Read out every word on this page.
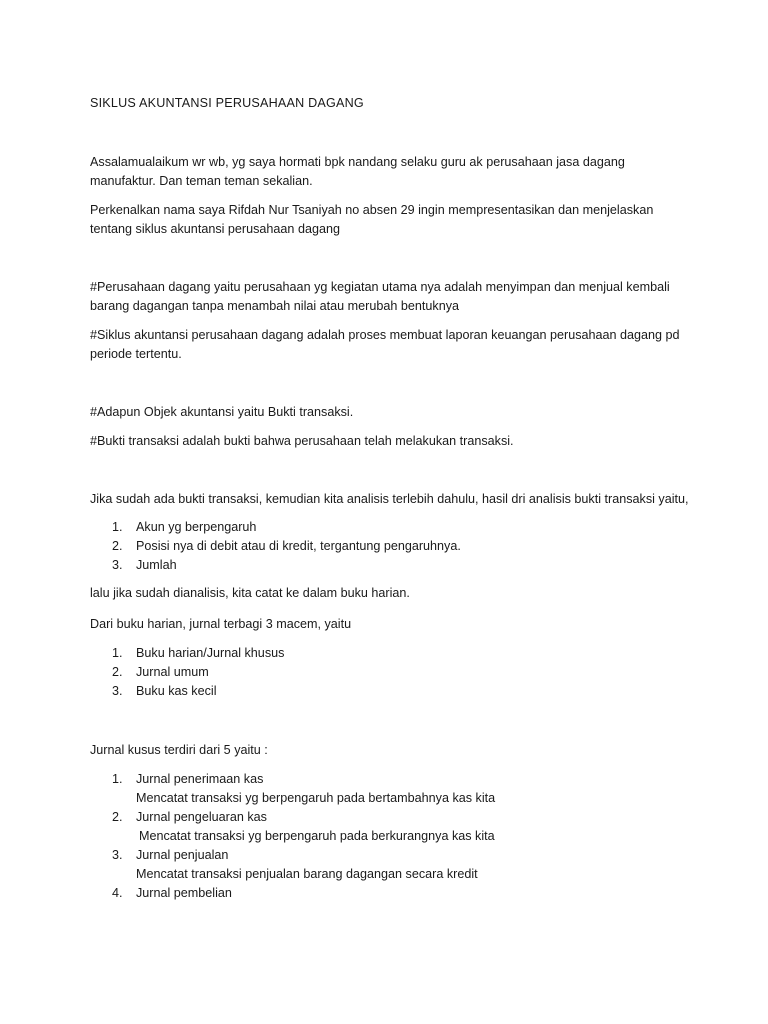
SIKLUS AKUNTANSI PERUSAHAAN DAGANG

Assalamualaikum wr wb, yg saya hormati bpk nandang selaku guru ak perusahaan jasa dagang manufaktur. Dan teman teman sekalian.

Perkenalkan nama saya Rifdah Nur Tsaniyah no absen 29 ingin mempresentasikan dan menjelaskan tentang siklus akuntansi perusahaan dagang

#Perusahaan dagang yaitu perusahaan yg kegiatan utama nya adalah menyimpan dan menjual kembali barang dagangan tanpa menambah nilai atau merubah bentuknya

#Siklus akuntansi perusahaan dagang adalah proses membuat laporan keuangan perusahaan dagang pd periode tertentu.

#Adapun Objek akuntansi yaitu Bukti transaksi.

#Bukti transaksi adalah bukti bahwa perusahaan telah melakukan transaksi.

Jika sudah ada bukti transaksi, kemudian kita analisis terlebih dahulu, hasil dri analisis bukti transaksi yaitu,

1. Akun yg berpengaruh
2. Posisi nya di debit atau di kredit, tergantung pengaruhnya.
3. Jumlah

lalu jika sudah dianalisis, kita catat ke dalam buku harian.

Dari buku harian, jurnal terbagi 3 macem, yaitu

1. Buku harian/Jurnal khusus
2. Jurnal umum
3. Buku kas kecil

Jurnal kusus terdiri dari 5 yaitu :

1. Jurnal penerimaan kas
Mencatat transaksi yg berpengaruh pada bertambahnya kas kita
2. Jurnal pengeluaran kas
Mencatat transaksi yg berpengaruh pada berkurangnya kas kita
3. Jurnal penjualan
Mencatat transaksi penjualan barang dagangan secara kredit
4. Jurnal pembelian
